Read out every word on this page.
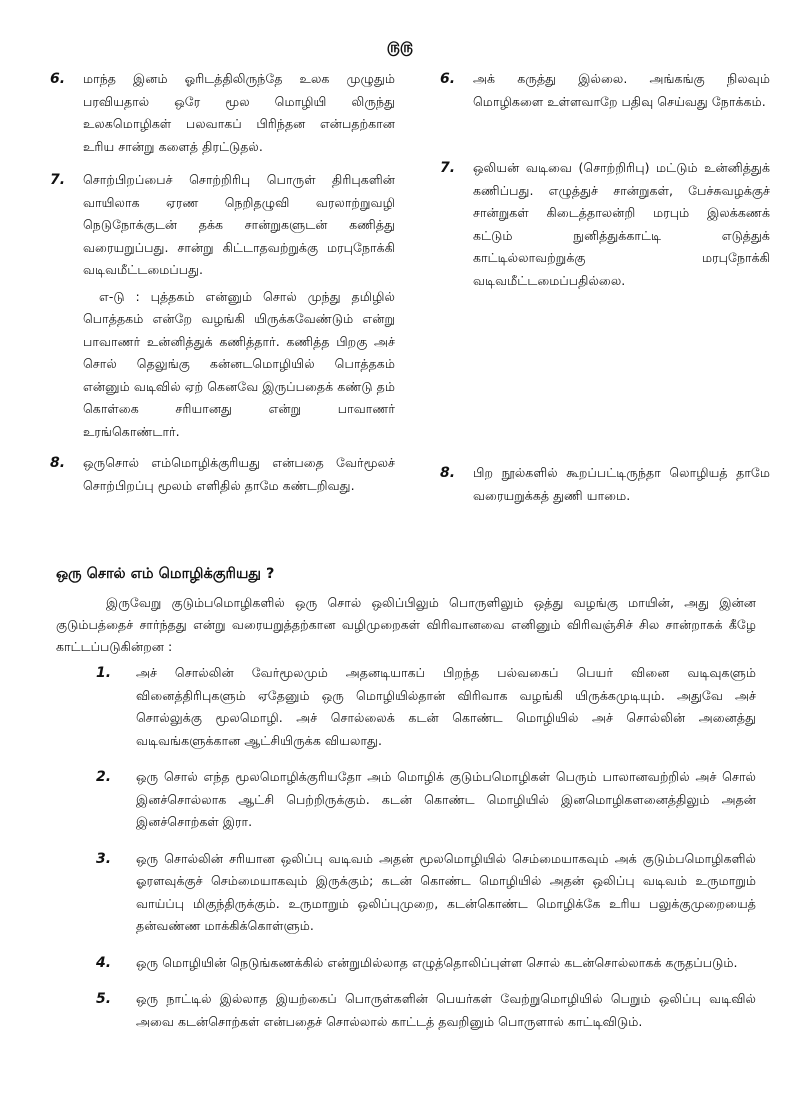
௫௫
6.	மாந்த இனம் ஓரிடத்திலிருந்தே உலக முழுதும் பரவியதால் ஒரே மூல மொழியி லிருந்து உலகமொழிகள் பலவாகப் பிரிந்தன என்பதற்கான உரிய சான்று களைத் திரட்டுதல்.
7.	சொற்பிறப்பைச் சொற்றிரிபு பொருள் திரிபுகளின் வாயிலாக ஏரண நெறிதழுவி வரலாற்றுவழி நெடுநோக்குடன் தக்க சான்றுகளுடன் கணித்து வரையறுப்பது. சான்று கிட்டாதவற்றுக்கு மரபுநோக்கி வடிவமீட்டமைப்பது.
எ-டு : புத்தகம் என்னும் சொல் முந்து தமிழில் பொத்தகம் என்றே வழங்கி யிருக்கவேண்டும் என்று பாவாணர் உன்னித்துக் கணித்தார். கணித்த பிறகு அச் சொல் தெலுங்கு கன்னடமொழியில் பொத்தகம் என்னும் வடிவில் ஏற் கெனவே இருப்பதைக் கண்டு தம் கொள்கை சரியானது என்று பாவாணர் உரங்கொண்டார்.
8.	ஒருசொல் எம்மொழிக்குரியது என்பதை வேர்மூலச் சொற்பிறப்பு மூலம் எளிதில் தாமே கண்டறிவது.
6.	அக் கருத்து இல்லை. அங்கங்கு நிலவும் மொழிகளை உள்ளவாறே பதிவு செய்வது நோக்கம்.
7.	ஒலியன் வடிவை (சொற்றிரிபு) மட்டும் உன்னித்துக் கணிப்பது. எழுத்துச் சான்றுகள், பேச்சுவழக்குச் சான்றுகள் கிடைத்தாலன்றி மரபும் இலக்கணக் கட்டும் நுனித்துக்காட்டி எடுத்துக் காட்டில்லாவற்றுக்கு மரபுநோக்கி வடிவமீட்டமைப்பதில்லை.
8.	பிற நூல்களில் கூறப்பட்டிருந்தா லொழியத் தாமே வரையறுக்கத் துணி யாமை.
ஒரு சொல் எம் மொழிக்குரியது ?
இருவேறு குடும்பமொழிகளில் ஒரு சொல் ஒலிப்பிலும் பொருளிலும் ஒத்து வழங்கு மாயின், அது இன்ன குடும்பத்தைச் சார்ந்தது என்று வரையறுத்தற்கான வழிமுறைகள் விரிவானவை எனினும் விரிவஞ்சிச் சில சான்றாகக் கீழே காட்டப்படுகின்றன :
1.	அச் சொல்லின் வேர்மூலமும் அதனடியாகப் பிறந்த பல்வகைப் பெயர் வினை வடிவுகளும் வினைத்திரிபுகளும் ஏதேனும் ஒரு மொழியில்தான் விரிவாக வழங்கி யிருக்கமுடியும். அதுவே அச் சொல்லுக்கு மூலமொழி. அச் சொல்லைக் கடன் கொண்ட மொழியில் அச் சொல்லின் அனைத்து வடிவங்களுக்கான ஆட்சியிருக்க வியலாது.
2.	ஒரு சொல் எந்த மூலமொழிக்குரியதோ அம் மொழிக் குடும்பமொழிகள் பெரும் பாலானவற்றில் அச் சொல் இனச்சொல்லாக ஆட்சி பெற்றிருக்கும். கடன் கொண்ட மொழியில் இனமொழிகளனைத்திலும் அதன் இனச்சொற்கள் இரா.
3.	ஒரு சொல்லின் சரியான ஒலிப்பு வடிவம் அதன் மூலமொழியில் செம்மையாகவும் அக் குடும்பமொழிகளில் ஓரளவுக்குச் செம்மையாகவும் இருக்கும்; கடன் கொண்ட மொழியில் அதன் ஒலிப்பு வடிவம் உருமாறும் வாய்ப்பு மிகுந்திருக்கும். உருமாறும் ஒலிப்புமுறை, கடன்கொண்ட மொழிக்கே உரிய பலுக்குமுறையைத் தன்வண்ண மாக்கிக்கொள்ளும்.
4.	ஒரு மொழியின் நெடுங்கணக்கில் என்றுமில்லாத எழுத்தொலிப்புள்ள சொல் கடன்சொல்லாகக் கருதப்படும்.
5.	ஒரு நாட்டில் இல்லாத இயற்கைப் பொருள்களின் பெயர்கள் வேற்றுமொழியில் பெறும் ஒலிப்பு வடிவில் அவை கடன்சொற்கள் என்பதைச் சொல்லால் காட்டத் தவறினும் பொருளால் காட்டிவிடும்.
